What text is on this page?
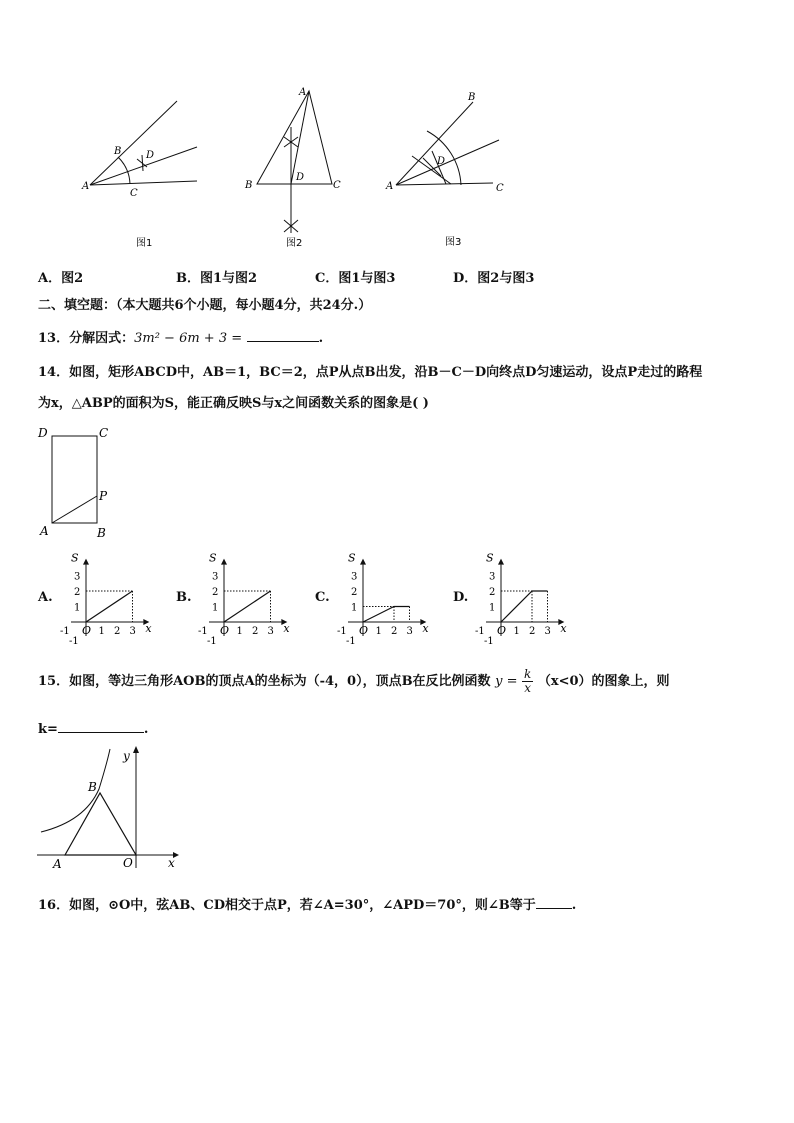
A
B
C
D
图1
A
B	C
D
图2
A
B
C
D
图3
A．图2	B．图1与图2	C．图1与图3	D．图2与图3
二、填空题：（本大题共6个小题，每小题4分，共24分.）
13．分解因式：3m² − 6m + 3 =	.
14．如图，矩形ABCD中，AB＝1，BC＝2，点P从点B出发，沿B－C－D向终点D匀速运动，设点P走过的路程
为x，△ABP的面积为S，能正确反映S与x之间函数关系的图象是( )
D	C
P
A	B
A.	B.	C.	D.
S
x
O
-1
-1
1
1
2
2
3
3
S
x
O
-1
-1
1
1
2
2
3
3
S
x
O
-1
-1
1
1
2
2
3
3
S
x
O
-1
-1
1
1
2
2
3
3
15．如图，等边三角形AOB的顶点A的坐标为（-4，0），顶点B在反比例函数 $y = \frac{k}{x} (x<0)$的图象上，则
k=	.
B
A	O	x
y
16．如图，⊙O中，弦AB、CD相交于点P，若∠A=30°，∠APD＝70°，则∠B等于	.
